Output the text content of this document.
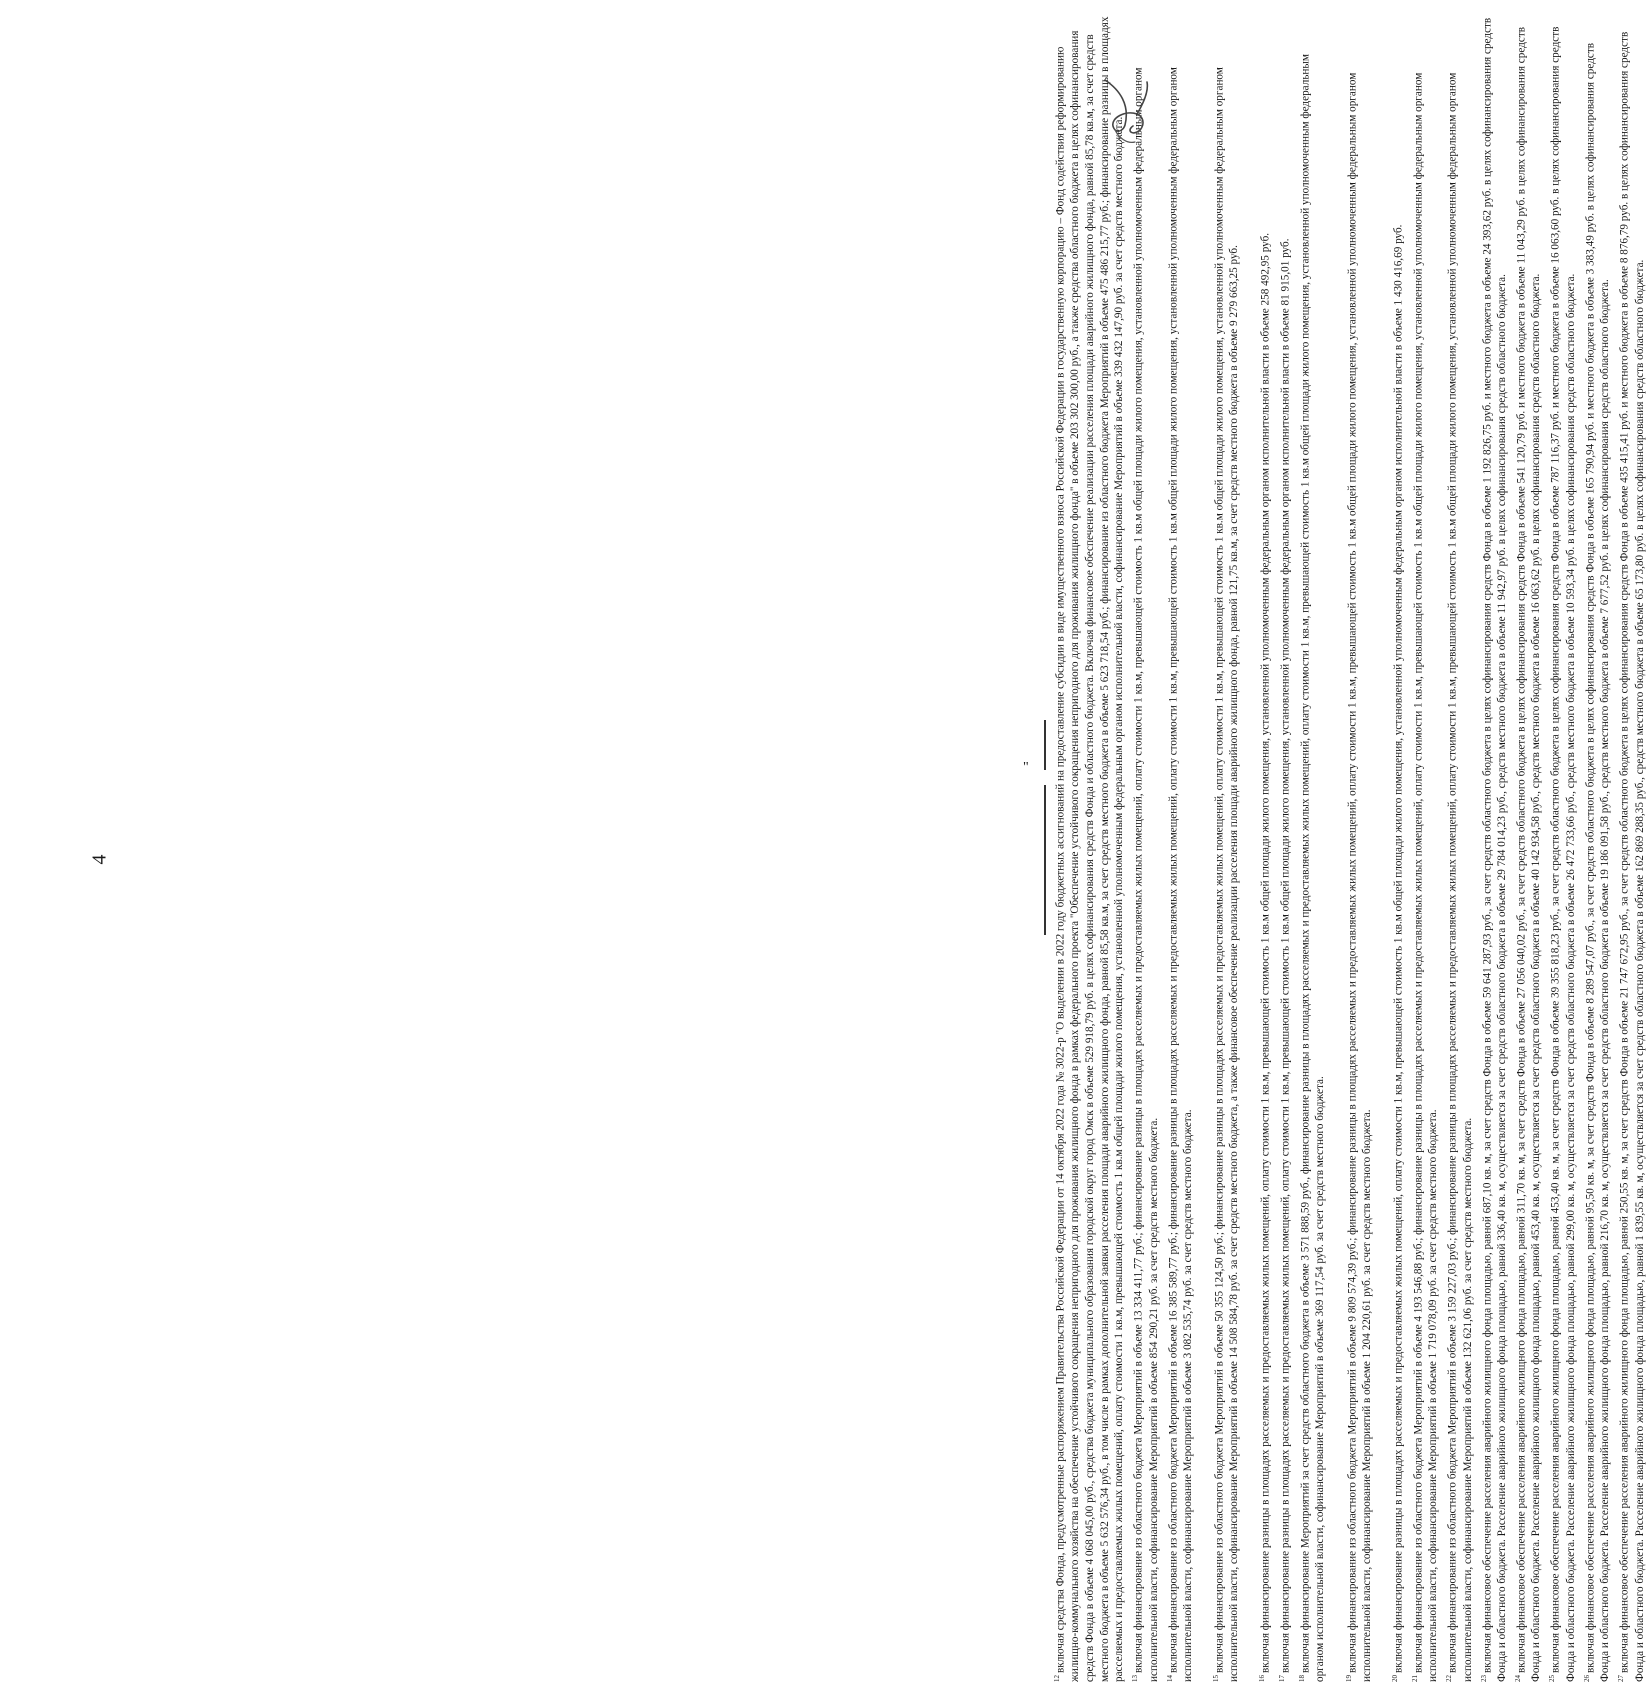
4

$^{12}$включая средства Фонда, предусмотренные распоряжением Правительства Российской Федерации от 14 октября 2022 года № 3022-р "О выделении в 2022 году бюджетных ассигнований на предоставление субсидии в виде имущественного взноса Российской Федерации в государственную корпорацию – Фонд содействия реформированию жилищно-коммунального хозяйства на обеспечение устойчивого сокращения непригодного для проживания жилищного фонда в рамках федерального проекта "Обеспечение устойчивого сокращения непригодного для проживания жилищного фонда" в объеме 203 302 300,00 руб., а также средства областного бюджета в целях софинансирования средств Фонда в объеме 4 068 045,00 руб., средства бюджета муниципального образования городской округ город Омск в объеме 529 918,79 руб. в целях софинансирования средств Фонда и областного бюджета. Включая финансовое обеспечение реализации расселения площади аварийного жилищного фонда, равной 85,78 кв.м, за счет средств местного бюджета в объеме 5 632 576,34 руб., в том числе в рамках дополнительной заявки расселения площади аварийного жилищного фонда, равной 85,58 кв.м, за счет средств местного бюджета в объеме 5 623 718,54 руб.; финансирование из областного бюджета Мероприятий в объеме 475 486 215,77 руб.; финансирование разницы в площадях расселяемых и предоставляемых жилых помещений, оплату стоимости 1 кв.м, превышающей стоимость 1 кв.м общей площади жилого помещения, установленной уполномоченным федеральным органом исполнительной власти, софинансирование Мероприятий в объеме 339 432 147,90 руб. за счет средств местного бюджета. $^{13}$включая финансирование из областного бюджета Мероприятий в объеме 13 334 411,77 руб.; финансирование разницы в площадях расселяемых и предоставляемых жилых помещений, оплату стоимости 1 кв.м, превышающей стоимость 1 кв.м общей площади жилого помещения, установленной уполномоченным федеральным органом исполнительной власти, софинансирование Мероприятий в объеме 854 290,21 руб. за счет средств местного бюджета. $^{14}$включая финансирование из областного бюджета Мероприятий в объеме 16 385 589,77 руб.; финансирование разницы в площадях расселяемых и предоставляемых жилых помещений, оплату стоимости 1 кв.м, превышающей стоимость 1 кв.м общей площади жилого помещения, установленной уполномоченным федеральным органом исполнительной власти, софинансирование Мероприятий в объеме 3 082 535,74 руб. за счет средств местного бюджета.	$^{15}$включая финансирование из областного бюджета Мероприятий в объеме 50 355 124,50 руб.; финансирование разницы в площадях расселяемых и предоставляемых жилых помещений, оплату стоимости 1 кв.м, превышающей стоимость 1 кв.м общей площади жилого помещения, установленной уполномоченным федеральным органом исполнительной власти, софинансирование Мероприятий в объеме 14 508 584,78 руб. за счет средств местного бюджета, а также финансовое обеспечение реализации расселения площади аварийного жилищного фонда, равной 121,75 кв.м, за счет средств местного бюджета в объеме 9 279 663,25 руб.	$^{16}$включая финансирование разницы в площадях расселяемых и предоставляемых жилых помещений, оплату стоимости 1 кв.м, превышающей стоимость 1 кв.м общей площади жилого помещения, установленной уполномоченным федеральным органом исполнительной власти в объеме 258 492,95 руб.

$^{17}$включая финансирование разницы в площадях расселяемых и предоставляемых жилых помещений, оплату стоимости 1 кв.м, превышающей стоимость 1 кв.м общей площади жилого помещения, установленной уполномоченным федеральным органом исполнительной власти в объеме 81 915,01 руб.

$^{18}$включая финансирование Мероприятий за счет средств областного бюджета в объеме 3 571 888,59 руб., финансирование разницы в площадях расселяемых и предоставляемых жилых помещений, оплату стоимости 1 кв.м, превышающей стоимость 1 кв.м общей площади жилого помещения, установленной уполномоченным федеральным органом исполнительной власти, софинансирование Мероприятий в объеме 369 117,54 руб. за счет средств местного бюджета.	$^{19}$включая финансирование из областного бюджета Мероприятий в объеме 9 809 574,39 руб.; финансирование разницы в площадях расселяемых и предоставляемых жилых помещений, оплату стоимости 1 кв.м, превышающей стоимость 1 кв.м общей площади жилого помещения, установленной уполномоченным федеральным органом исполнительной власти, софинансирование Мероприятий в объеме 1 204 220,61 руб. за счет средств местного бюджета.	$^{20}$включая финансирование разницы в площадях расселяемых и предоставляемых жилых помещений, оплату стоимости 1 кв.м, превышающей стоимость 1 кв.м общей площади жилого помещения, установленной уполномоченным федеральным органом исполнительной власти в объеме 1 430 416,69 руб.

$^{21}$включая финансирование из областного бюджета Мероприятий в объеме 4 193 546,88 руб.; финансирование разницы в площадях расселяемых и предоставляемых жилых помещений, оплату стоимости 1 кв.м, превышающей стоимость 1 кв.м общей площади жилого помещения, установленной уполномоченным федеральным органом исполнительной власти, софинансирование Мероприятий в объеме 1 719 078,09 руб. за счет средств местного бюджета. $^{22}$включая финансирование из областного бюджета Мероприятий в объеме 3 159 227,03 руб.; финансирование разницы в площадях расселяемых и предоставляемых жилых помещений, оплату стоимости 1 кв.м, превышающей стоимость 1 кв.м общей площади жилого помещения, установленной уполномоченным федеральным органом исполнительной власти, софинансирование Мероприятий в объеме 132 621,06 руб. за счет средств местного бюджета. $^{23}$включая финансовое обеспечение расселения аварийного жилищного фонда площадью, равной 687,10 кв. м, за счет средств Фонда в объеме 59 641 287,93 руб., за счет средств областного бюджета в целях софинансирования средств Фонда в объеме 1 192 826,75 руб. и местного бюджета в объеме 24 393,62 руб. в целях софинансирования средств Фонда и областного бюджета. Расселение аварийного жилищного фонда площадью, равной 336,40 кв. м, осуществляется за счет средств областного бюджета в объеме 29 784 014,23 руб., средств местного бюджета в объеме 11 942,97 руб. в целях софинансирования средств областного бюджета. $^{24}$включая финансовое обеспечение расселения аварийного жилищного фонда площадью, равной 311,70 кв. м, за счет средств Фонда в объеме 27 056 040,02 руб., за счет средств областного бюджета в целях софинансирования средств Фонда в объеме 541 120,79 руб. и местного бюджета в объеме 11 043,29 руб. в целях софинансирования средств Фонда и областного бюджета. Расселение аварийного жилищного фонда площадью, равной 453,40 кв. м, осуществляется за счет средств областного бюджета в объеме 40 142 934,58 руб., средств местного бюджета в объеме 16 063,62 руб. в целях софинансирования средств областного бюджета. $^{25}$включая финансовое обеспечение расселения аварийного жилищного фонда площадью, равной 453,40 кв. м, за счет средств Фонда в объеме 39 355 818,23 руб., за счет средств областного бюджета в целях софинансирования средств Фонда в объеме 787 116,37 руб. и местного бюджета в объеме 16 063,60 руб. в целях софинансирования средств Фонда и областного бюджета. Расселение аварийного жилищного фонда площадью, равной 299,00 кв. м, осуществляется за счет средств областного бюджета в объеме 26 472 733,66 руб., средств местного бюджета в объеме 10 593,34 руб. в целях софинансирования средств областного бюджета. $^{26}$включая финансовое обеспечение расселения аварийного жилищного фонда площадью, равной 95,50 кв. м, за счет средств Фонда в объеме 8 289 547,07 руб., за счет средств областного бюджета в целях софинансирования средств Фонда в объеме 165 790,94 руб. и местного бюджета в объеме 3 383,49 руб. в целях софинансирования средств Фонда и областного бюджета. Расселение аварийного жилищного фонда площадью, равной 216,70 кв. м, осуществляется за счет средств областного бюджета в объеме 19 186 091,58 руб., средств местного бюджета в объеме 7 677,52 руб. в целях софинансирования средств областного бюджета. $^{27}$включая финансовое обеспечение расселения аварийного жилищного фонда площадью, равной 250,55 кв. м, за счет средств Фонда в объеме 21 747 672,95 руб., за счет средств областного бюджета в целях софинансирования средств Фонда в объеме 435 415,41 руб. и местного бюджета в объеме 8 876,79 руб. в целях софинансирования средств Фонда и областного бюджета. Расселение аварийного жилищного фонда площадью, равной 1 839,55 кв. м, осуществляется за счет средств областного бюджета в объеме 162 869 288,35 руб., средств местного бюджета в объеме 65 173,80 руб. в целях софинансирования средств областного бюджета.

"
